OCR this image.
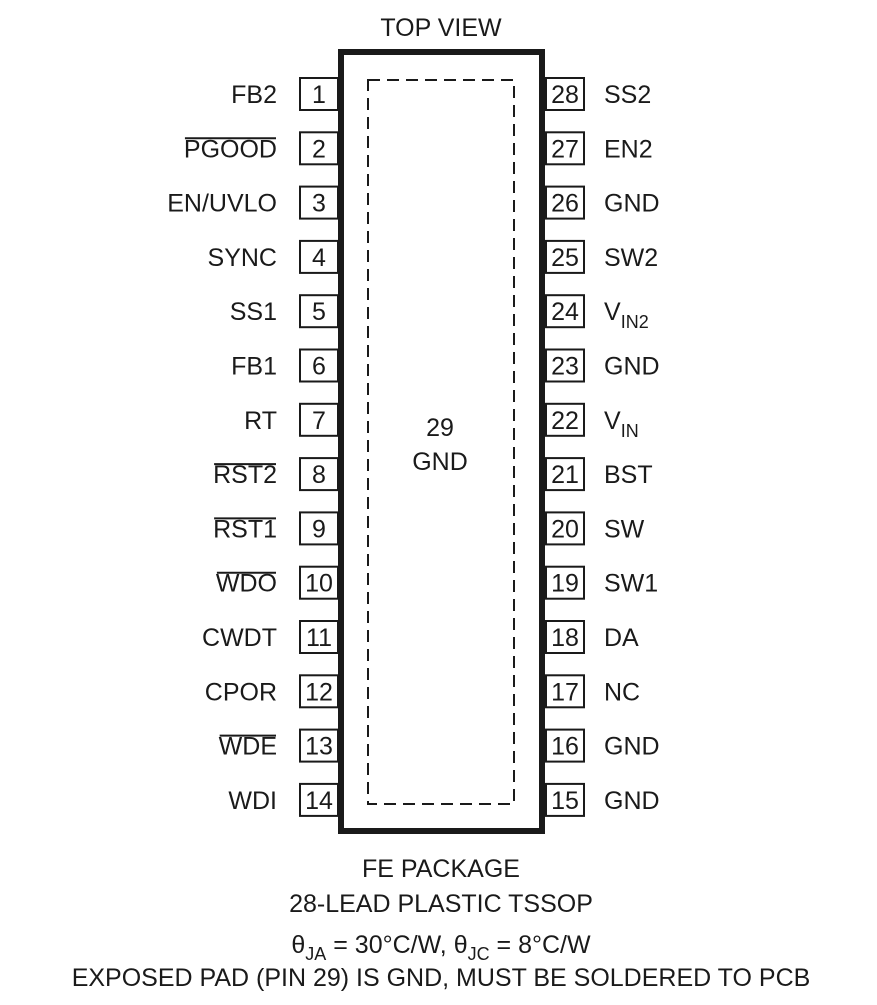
TOP VIEW
29
GND
1
FB2
2
PGOOD
3
EN/UVLO
4
SYNC
5
SS1
6
FB1
7
RT
8
RST2
9
RST1
10
WDO
11
CWDT
12
CPOR
13
WDE
14
WDI
28 SS2
27 EN2
26 GND
25 SW2
24 $V_{IN2}$
23 GND
22 $V_{IN}$
21 BST
20 SW
19 SW1
18 DA
17 NC
16 GND
15 GND
FE PACKAGE
28-LEAD PLASTIC TSSOP
$\theta_{JA} = 30^\circ C/W$, $\theta_{JC} = 8^\circ C/W$
EXPOSED PAD (PIN 29) IS GND, MUST BE SOLDERED TO PCB
